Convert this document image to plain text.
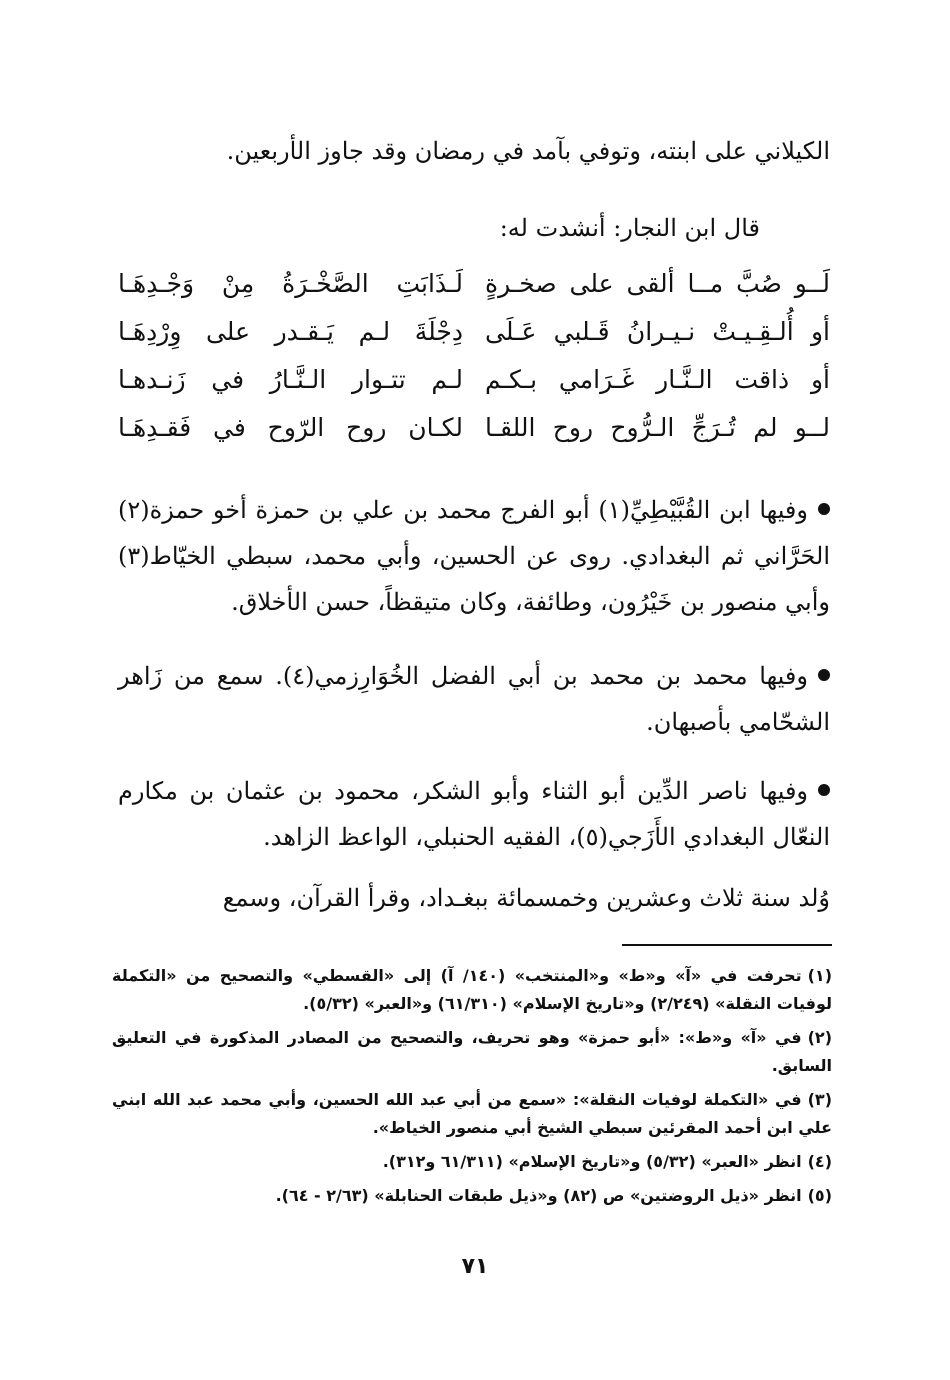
الكيلاني على ابنته، وتوفي بآمد في رمضان وقد جاوز الأربعين.
قال ابن النجار: أنشدت له:
لَــو صُبَّ مــا ألقى على صخـرةٍ
لَـذَابَتِ الصَّخْـرَةُ مِنْ وَجْـدِهَـا
أو أُلـقِـيـتْ نـيـرانُ قَـلبي عَـلَى
دِجْلَةَ لـم يَـقـدر على وِرْدِهَـا
أو ذاقت الـنَّـار غَـرَامي بـكـم
لـم تتـوار الـنَّـارُ في زَنـدهـا
لــو لم تُـرَجِّ الـرُّوح روح اللقـا
لكـان روح الرّوح في فَقـدِهَـا
وفيها ابن القُبَّيْطِيِّ(١) أبو الفرج محمد بن علي بن حمزة أخو حمزة(٢) الحَرَّاني ثم البغدادي. روى عن الحسين، وأبي محمد، سبطي الخيّاط(٣) وأبي منصور بن خَيْرُون، وطائفة، وكان متيقظاً، حسن الأخلاق.
وفيها محمد بن محمد بن أبي الفضل الخُوَارِزمي(٤). سمع من زَاهر الشحّامي بأصبهان.
وفيها ناصر الدِّين أبو الثناء وأبو الشكر، محمود بن عثمان بن مكارم النعّال البغدادي الأَزَجي(٥)، الفقيه الحنبلي، الواعظ الزاهد.
وُلد سنة ثلاث وعشرين وخمسمائة ببغـداد، وقرأ القرآن، وسمع
(١)تحرفت في «آ» و«ط» و«المنتخب» (١٤٠/ آ) إلى «القسطي» والتصحيح من «التكملة لوفيات النقلة» (٢/٢٤٩) و«تاريخ الإسلام» (٦١/٣١٠) و«العبر» (٥/٣٢).
(٢)في «آ» و«ط»: «أبو حمزة» وهو تحريف، والتصحيح من المصادر المذكورة في التعليق السابق.
(٣)في «التكملة لوفيات النقلة»: «سمع من أبي عبد الله الحسين، وأبي محمد عبد الله ابني علي ابن أحمد المقرئين سبطي الشيخ أبي منصور الخياط».
(٤)انظر «العبر» (٥/٣٢) و«تاريخ الإسلام» (٦١/٣١١ و٣١٢).
(٥)انظر «ذيل الروضتين» ص (٨٢) و«ذيل طبقات الحنابلة» (٢/٦٣ - ٦٤).
٧١
